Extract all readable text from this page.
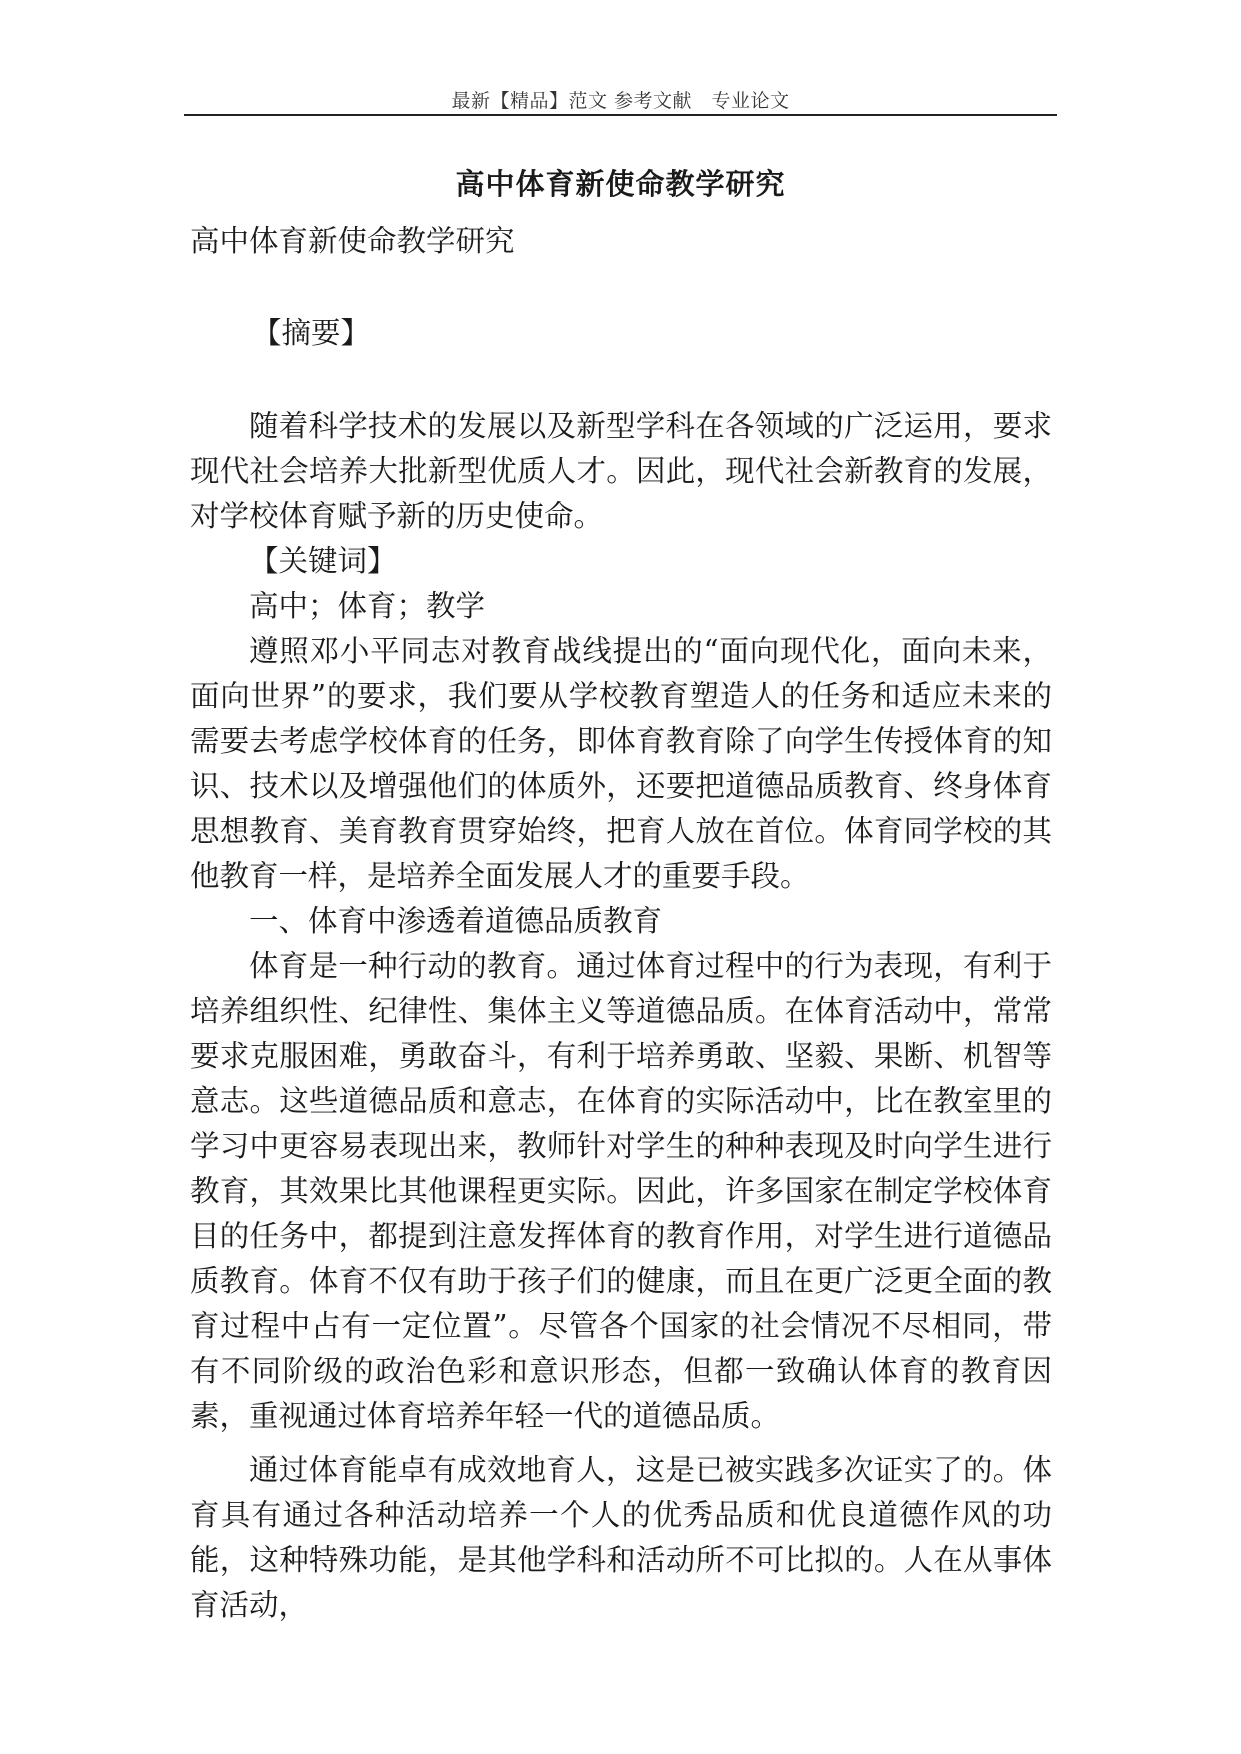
最新【精品】范文 参考文献　专业论文
高中体育新使命教学研究
高中体育新使命教学研究
【摘要】

随着科学技术的发展以及新型学科在各领域的广泛运用，要求现代社会培养大批新型优质人才。因此，现代社会新教育的发展，对学校体育赋予新的历史使命。

【关键词】

高中；体育；教学

遵照邓小平同志对教育战线提出的“面向现代化，面向未来，面向世界”的要求，我们要从学校教育塑造人的任务和适应未来的需要去考虑学校体育的任务，即体育教育除了向学生传授体育的知识、技术以及增强他们的体质外，还要把道德品质教育、终身体育思想教育、美育教育贯穿始终，把育人放在首位。体育同学校的其他教育一样，是培养全面发展人才的重要手段。

一、体育中渗透着道德品质教育

体育是一种行动的教育。通过体育过程中的行为表现，有利于培养组织性、纪律性、集体主义等道德品质。在体育活动中，常常要求克服困难，勇敢奋斗，有利于培养勇敢、坚毅、果断、机智等意志。这些道德品质和意志，在体育的实际活动中，比在教室里的学习中更容易表现出来，教师针对学生的种种表现及时向学生进行教育，其效果比其他课程更实际。因此，许多国家在制定学校体育目的任务中，都提到注意发挥体育的教育作用，对学生进行道德品质教育。体育不仅有助于孩子们的健康，而且在更广泛更全面的教育过程中占有一定位置”。尽管各个国家的社会情况不尽相同，带有不同阶级的政治色彩和意识形态，但都一致确认体育的教育因素，重视通过体育培养年轻一代的道德品质。

通过体育能卓有成效地育人，这是已被实践多次证实了的。体育具有通过各种活动培养一个人的优秀品质和优良道德作风的功能，这种特殊功能，是其他学科和活动所不可比拟的。人在从事体育活动，
